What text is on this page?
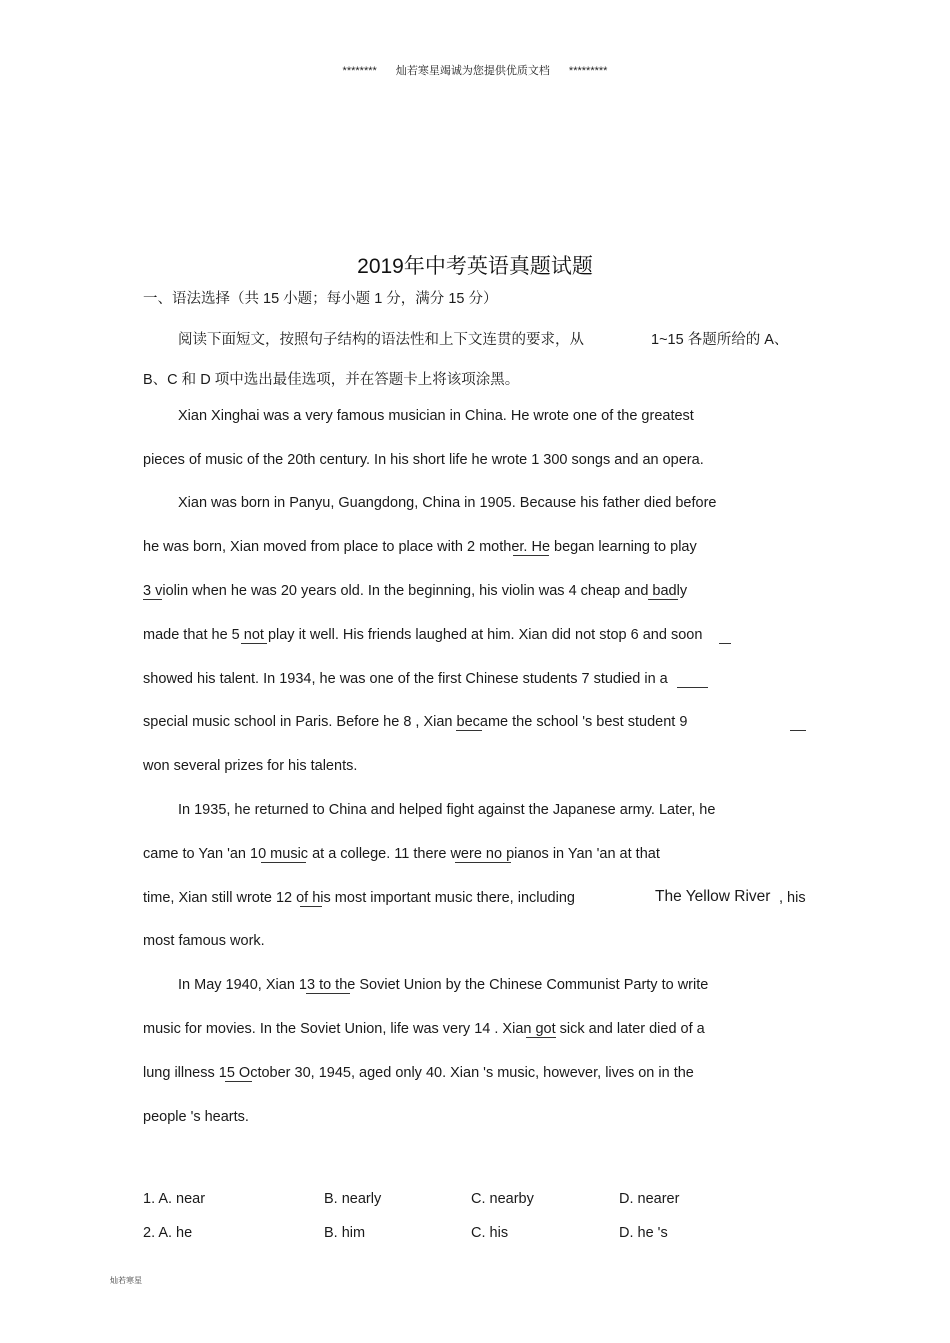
******** 灿若寒星竭诚为您提供优质文档 *********
2019年中考英语真题试题
一、语法选择（共 15 小题；每小题 1 分，满分 15 分）
阅读下面短文，按照句子结构的语法性和上下文连贯的要求，从	1~15 各题所给的 A、
B、C 和 D 项中选出最佳选项，并在答题卡上将该项涂黑。
Xian Xinghai was a very famous musician in China. He wrote one of the greatest
pieces of music of the 20th century. In his short life he wrote 1 300 songs and an opera.
Xian was born in Panyu, Guangdong, China in 1905. Because his father died before
he was born, Xian moved from place to place with 2 mother. He began learning to play
3 violin when he was 20 years old. In the beginning, his violin was 4 cheap and badly
made that he 5 not play it well. His friends laughed at him. Xian did not stop 6 and soon
showed his talent. In 1934, he was one of the first Chinese students 7 studied in a
special music school in Paris. Before he 8 , Xian became the school 's best student 9
won several prizes for his talents.
In 1935, he returned to China and helped fight against the Japanese army. Later, he
came to Yan 'an 10 music at a college. 11 there were no pianos in Yan 'an at that
time, Xian still wrote 12 of his most important music there, including	The Yellow River , his
most famous work.
In May 1940, Xian 13 to the Soviet Union by the Chinese Communist Party to write
music for movies. In the Soviet Union, life was very 14 . Xian got sick and later died of a
lung illness 15 October 30, 1945, aged only 40. Xian 's music, however, lives on in the
people 's hearts.
1. A. near	B. nearly	C. nearby	D. nearer
2. A. he	B. him	C. his	D. he 's
灿若寒星
